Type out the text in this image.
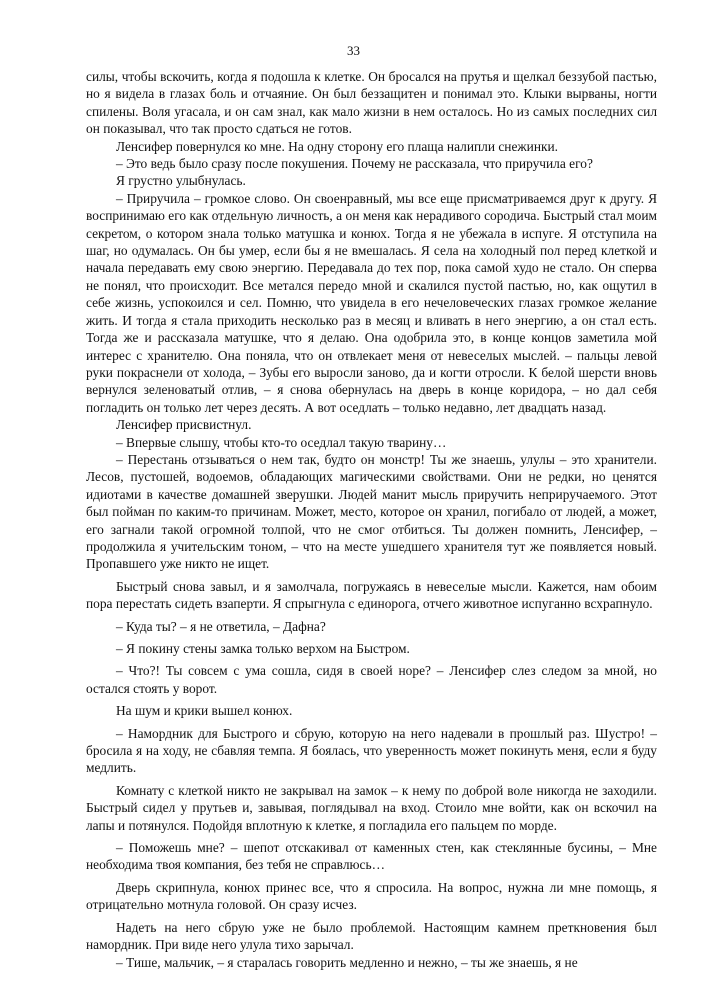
33

силы, чтобы вскочить, когда я подошла к клетке. Он бросался на прутья и щелкал беззубой пастью, но я видела в глазах боль и отчаяние. Он был беззащитен и понимал это. Клыки вырваны, ногти спилены. Воля угасала, и он сам знал, как мало жизни в нем осталось. Но из самых последних сил он показывал, что так просто сдаться не готов.

Ленсифер повернулся ко мне. На одну сторону его плаща налипли снежинки.

– Это ведь было сразу после покушения. Почему не рассказала, что приручила его?

Я грустно улыбнулась.

– Приручила – громкое слово. Он своенравный, мы все еще присматриваемся друг к другу. Я воспринимаю его как отдельную личность, а он меня как нерадивого сородича. Быстрый стал моим секретом, о котором знала только матушка и конюх. Тогда я не убежала в испуге. Я отступила на шаг, но одумалась. Он бы умер, если бы я не вмешалась. Я села на холодный пол перед клеткой и начала передавать ему свою энергию. Передавала до тех пор, пока самой худо не стало. Он сперва не понял, что происходит. Все метался передо мной и скалился пустой пастью, но, как ощутил в себе жизнь, успокоился и сел. Помню, что увидела в его нечеловеческих глазах громкое желание жить. И тогда я стала приходить несколько раз в месяц и вливать в него энергию, а он стал есть. Тогда же и рассказала матушке, что я делаю. Она одобрила это, в конце концов заметила мой интерес с хранителю. Она поняла, что он отвлекает меня от невеселых мыслей. – пальцы левой руки покраснели от холода, – Зубы его выросли заново, да и когти отросли. К белой шерсти вновь вернулся зеленоватый отлив, – я снова обернулась на дверь в конце коридора, – но дал себя погладить он только лет через десять. А вот оседлать – только недавно, лет двадцать назад.

Ленсифер присвистнул.

– Впервые слышу, чтобы кто-то оседлал такую тварину…

– Перестань отзываться о нем так, будто он монстр! Ты же знаешь, улулы – это хранители. Лесов, пустошей, водоемов, обладающих магическими свойствами. Они не редки, но ценятся идиотами в качестве домашней зверушки. Людей манит мысль приручить неприручаемого. Этот был пойман по каким-то причинам. Может, место, которое он хранил, погибало от людей, а может, его загнали такой огромной толпой, что не смог отбиться. Ты должен помнить, Ленсифер, – продолжила я учительским тоном, – что на месте ушедшего хранителя тут же появляется новый. Пропавшего уже никто не ищет.

Быстрый снова завыл, и я замолчала, погружаясь в невеселые мысли. Кажется, нам обоим пора перестать сидеть взаперти. Я спрыгнула с единорога, отчего животное испуганно всхрапнуло.

– Куда ты? – я не ответила, – Дафна?

– Я покину стены замка только верхом на Быстром.

– Что?! Ты совсем с ума сошла, сидя в своей норе? – Ленсифер слез следом за мной, но остался стоять у ворот.

На шум и крики вышел конюх.

– Намордник для Быстрого и сбрую, которую на него надевали в прошлый раз. Шустро! – бросила я на ходу, не сбавляя темпа. Я боялась, что уверенность может покинуть меня, если я буду медлить.

Комнату с клеткой никто не закрывал на замок – к нему по доброй воле никогда не заходили. Быстрый сидел у прутьев и, завывая, поглядывал на вход. Стоило мне войти, как он вскочил на лапы и потянулся. Подойдя вплотную к клетке, я погладила его пальцем по морде.

– Поможешь мне? – шепот отскакивал от каменных стен, как стеклянные бусины, – Мне необходима твоя компания, без тебя не справлюсь…

Дверь скрипнула, конюх принес все, что я спросила. На вопрос, нужна ли мне помощь, я отрицательно мотнула головой. Он сразу исчез.

Надеть на него сбрую уже не было проблемой. Настоящим камнем преткновения был намордник. При виде него улула тихо зарычал.

– Тише, мальчик, – я старалась говорить медленно и нежно, – ты же знаешь, я не
